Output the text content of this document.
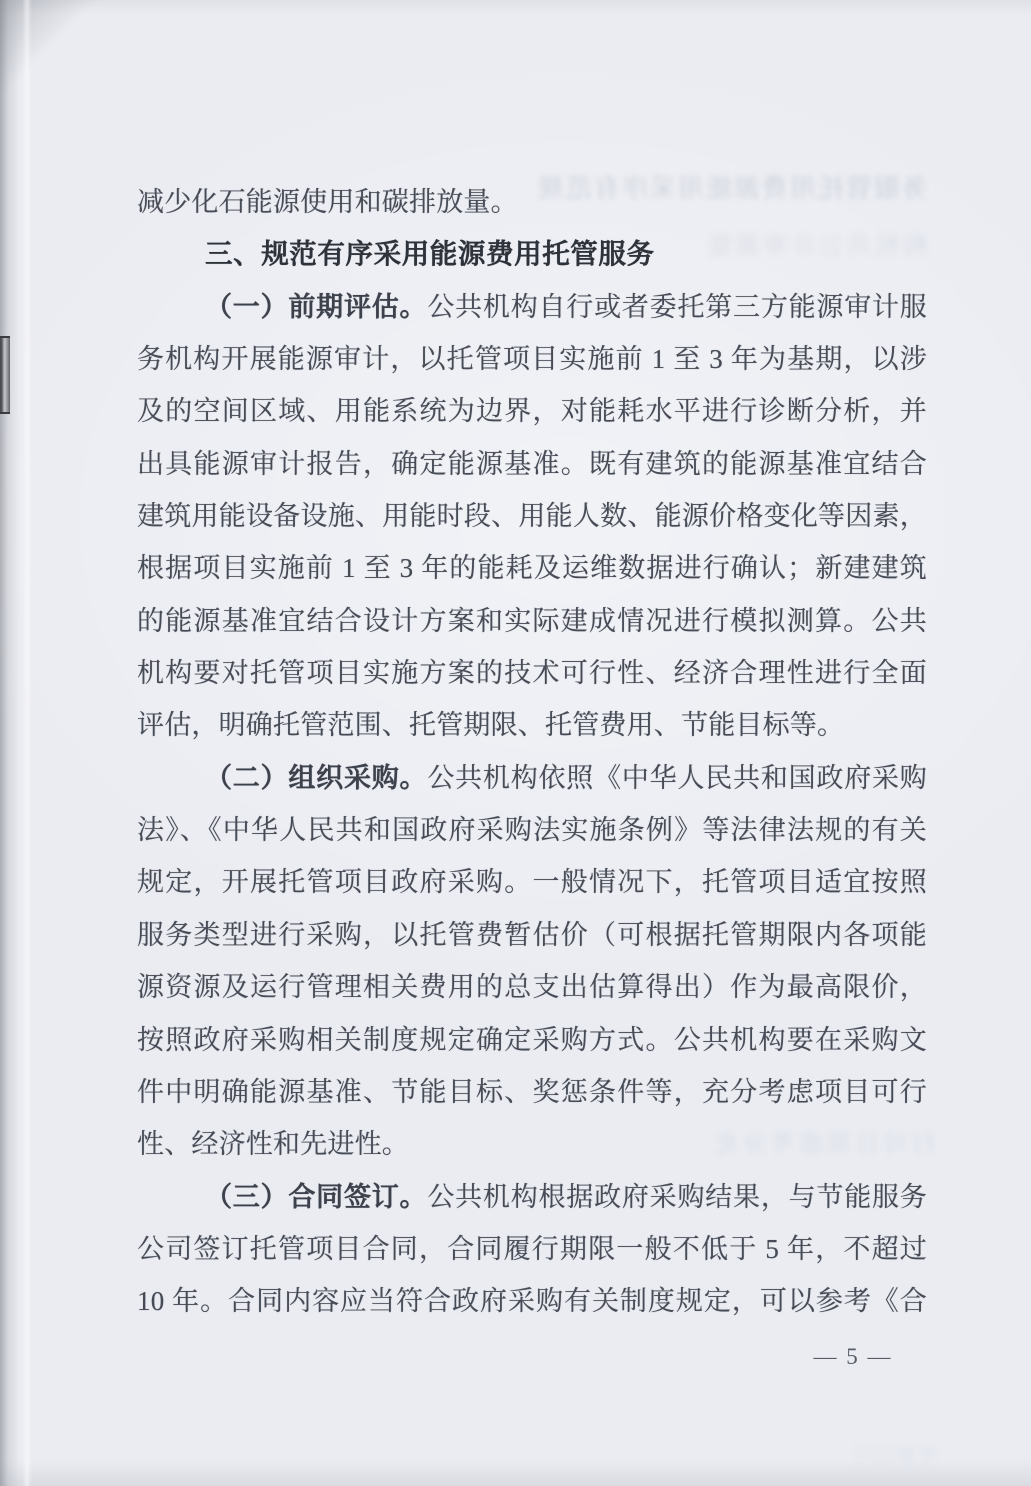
务服管托用费源能用采序有范规
构机共公计审源能
行可目项虑考分充
考参以可
减少化石能源使用和碳排放量。
三、规范有序采用能源费用托管服务
（一）前期评估。公共机构自行或者委托第三方能源审计服
务机构开展能源审计，以托管项目实施前 1 至 3 年为基期，以涉
及的空间区域、用能系统为边界，对能耗水平进行诊断分析，并
出具能源审计报告，确定能源基准。既有建筑的能源基准宜结合
建筑用能设备设施、用能时段、用能人数、能源价格变化等因素，
根据项目实施前 1 至 3 年的能耗及运维数据进行确认；新建建筑
的能源基准宜结合设计方案和实际建成情况进行模拟测算。公共
机构要对托管项目实施方案的技术可行性、经济合理性进行全面
评估，明确托管范围、托管期限、托管费用、节能目标等。
（二）组织采购。公共机构依照《中华人民共和国政府采购
法》、《中华人民共和国政府采购法实施条例》等法律法规的有关
规定，开展托管项目政府采购。一般情况下，托管项目适宜按照
服务类型进行采购，以托管费暂估价（可根据托管期限内各项能
源资源及运行管理相关费用的总支出估算得出）作为最高限价，
按照政府采购相关制度规定确定采购方式。公共机构要在采购文
件中明确能源基准、节能目标、奖惩条件等，充分考虑项目可行
性、经济性和先进性。
（三）合同签订。公共机构根据政府采购结果，与节能服务
公司签订托管项目合同，合同履行期限一般不低于 5 年，不超过
10 年。合同内容应当符合政府采购有关制度规定，可以参考《合
— 5 —
